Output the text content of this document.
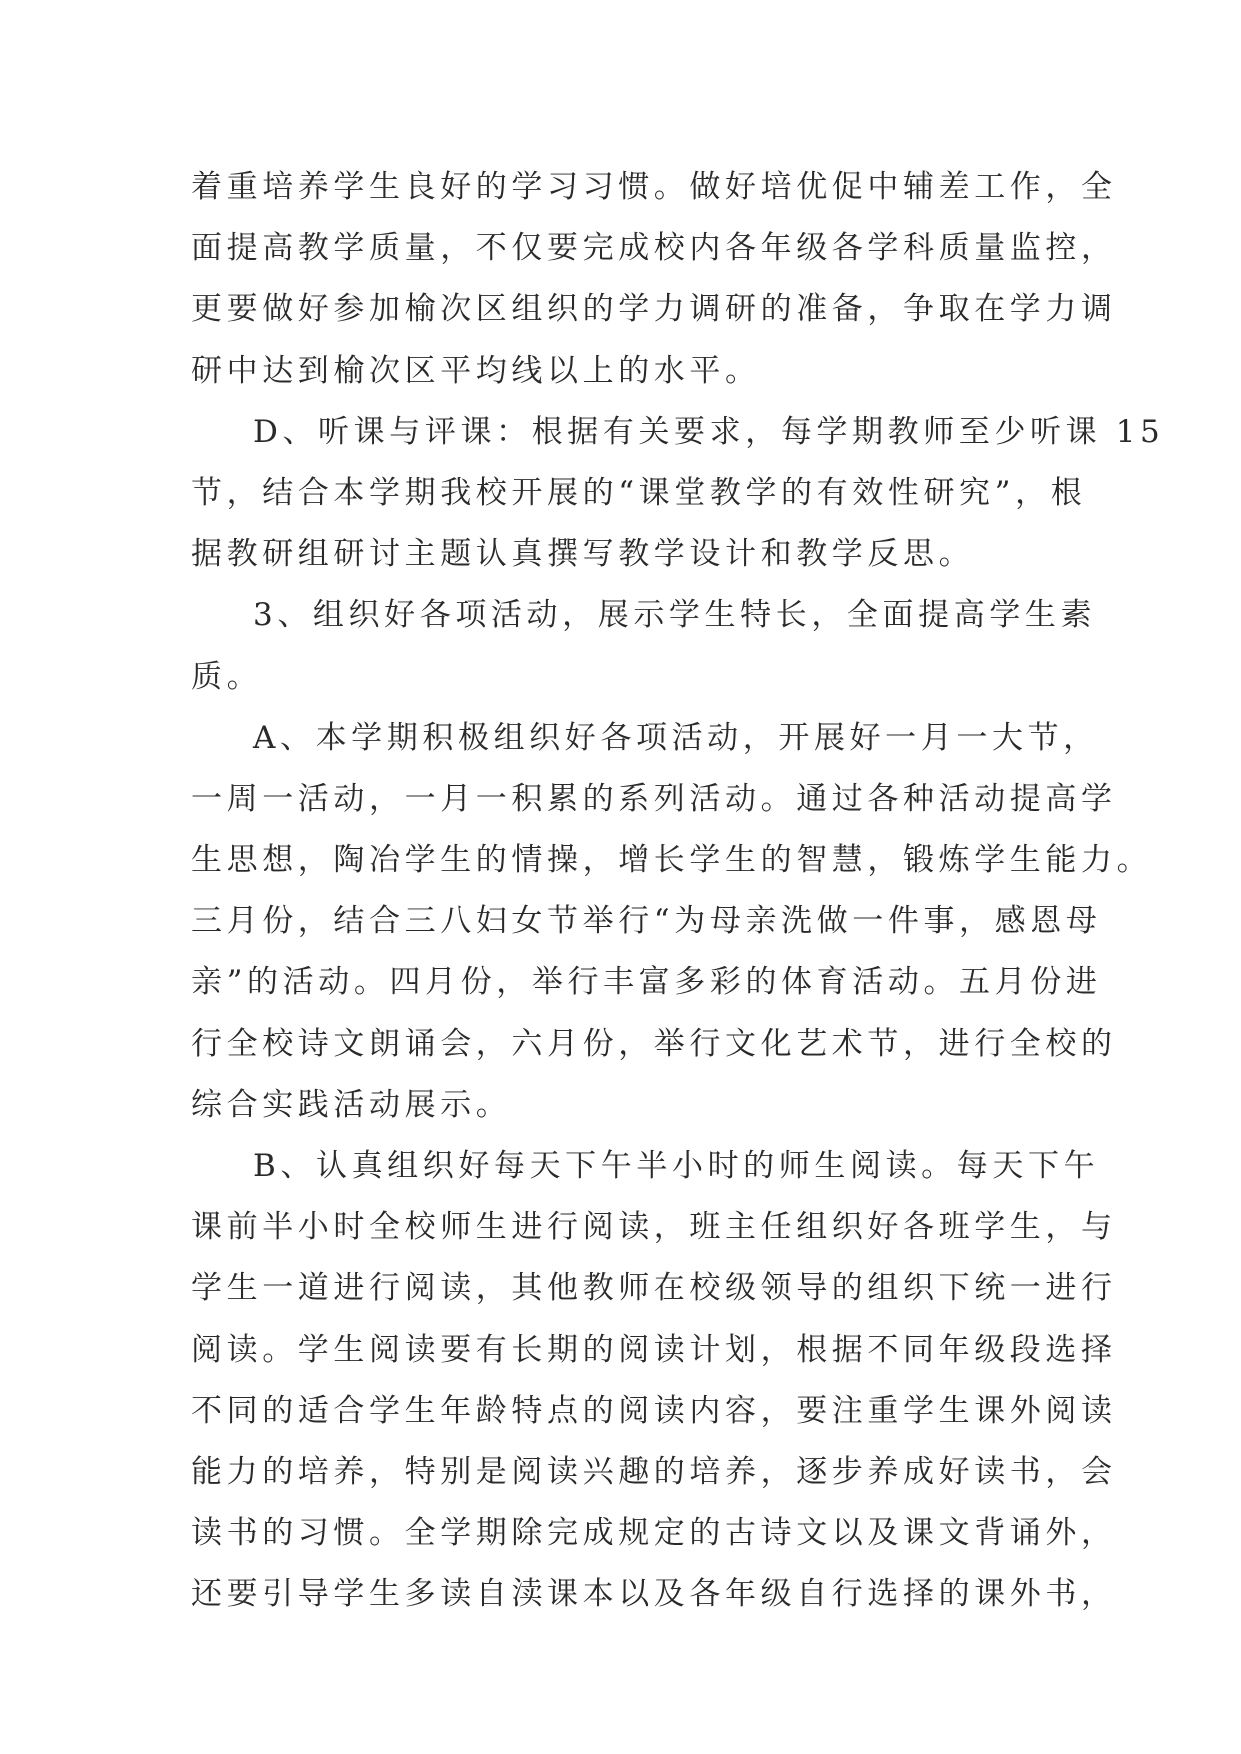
着重培养学生良好的学习习惯。做好培优促中辅差工作，全
面提高教学质量，不仅要完成校内各年级各学科质量监控，
更要做好参加榆次区组织的学力调研的准备，争取在学力调
研中达到榆次区平均线以上的水平。
D、听课与评课：根据有关要求，每学期教师至少听课 15
节，结合本学期我校开展的“课堂教学的有效性研究”，根
据教研组研讨主题认真撰写教学设计和教学反思。
3、组织好各项活动，展示学生特长，全面提高学生素
质。
A、本学期积极组织好各项活动，开展好一月一大节，
一周一活动，一月一积累的系列活动。通过各种活动提高学
生思想，陶冶学生的情操，增长学生的智慧，锻炼学生能力。
三月份，结合三八妇女节举行“为母亲洗做一件事，感恩母
亲”的活动。四月份，举行丰富多彩的体育活动。五月份进
行全校诗文朗诵会，六月份，举行文化艺术节，进行全校的
综合实践活动展示。
B、认真组织好每天下午半小时的师生阅读。每天下午
课前半小时全校师生进行阅读，班主任组织好各班学生，与
学生一道进行阅读，其他教师在校级领导的组织下统一进行
阅读。学生阅读要有长期的阅读计划，根据不同年级段选择
不同的适合学生年龄特点的阅读内容，要注重学生课外阅读
能力的培养，特别是阅读兴趣的培养，逐步养成好读书，会
读书的习惯。全学期除完成规定的古诗文以及课文背诵外，
还要引导学生多读自渎课本以及各年级自行选择的课外书，
